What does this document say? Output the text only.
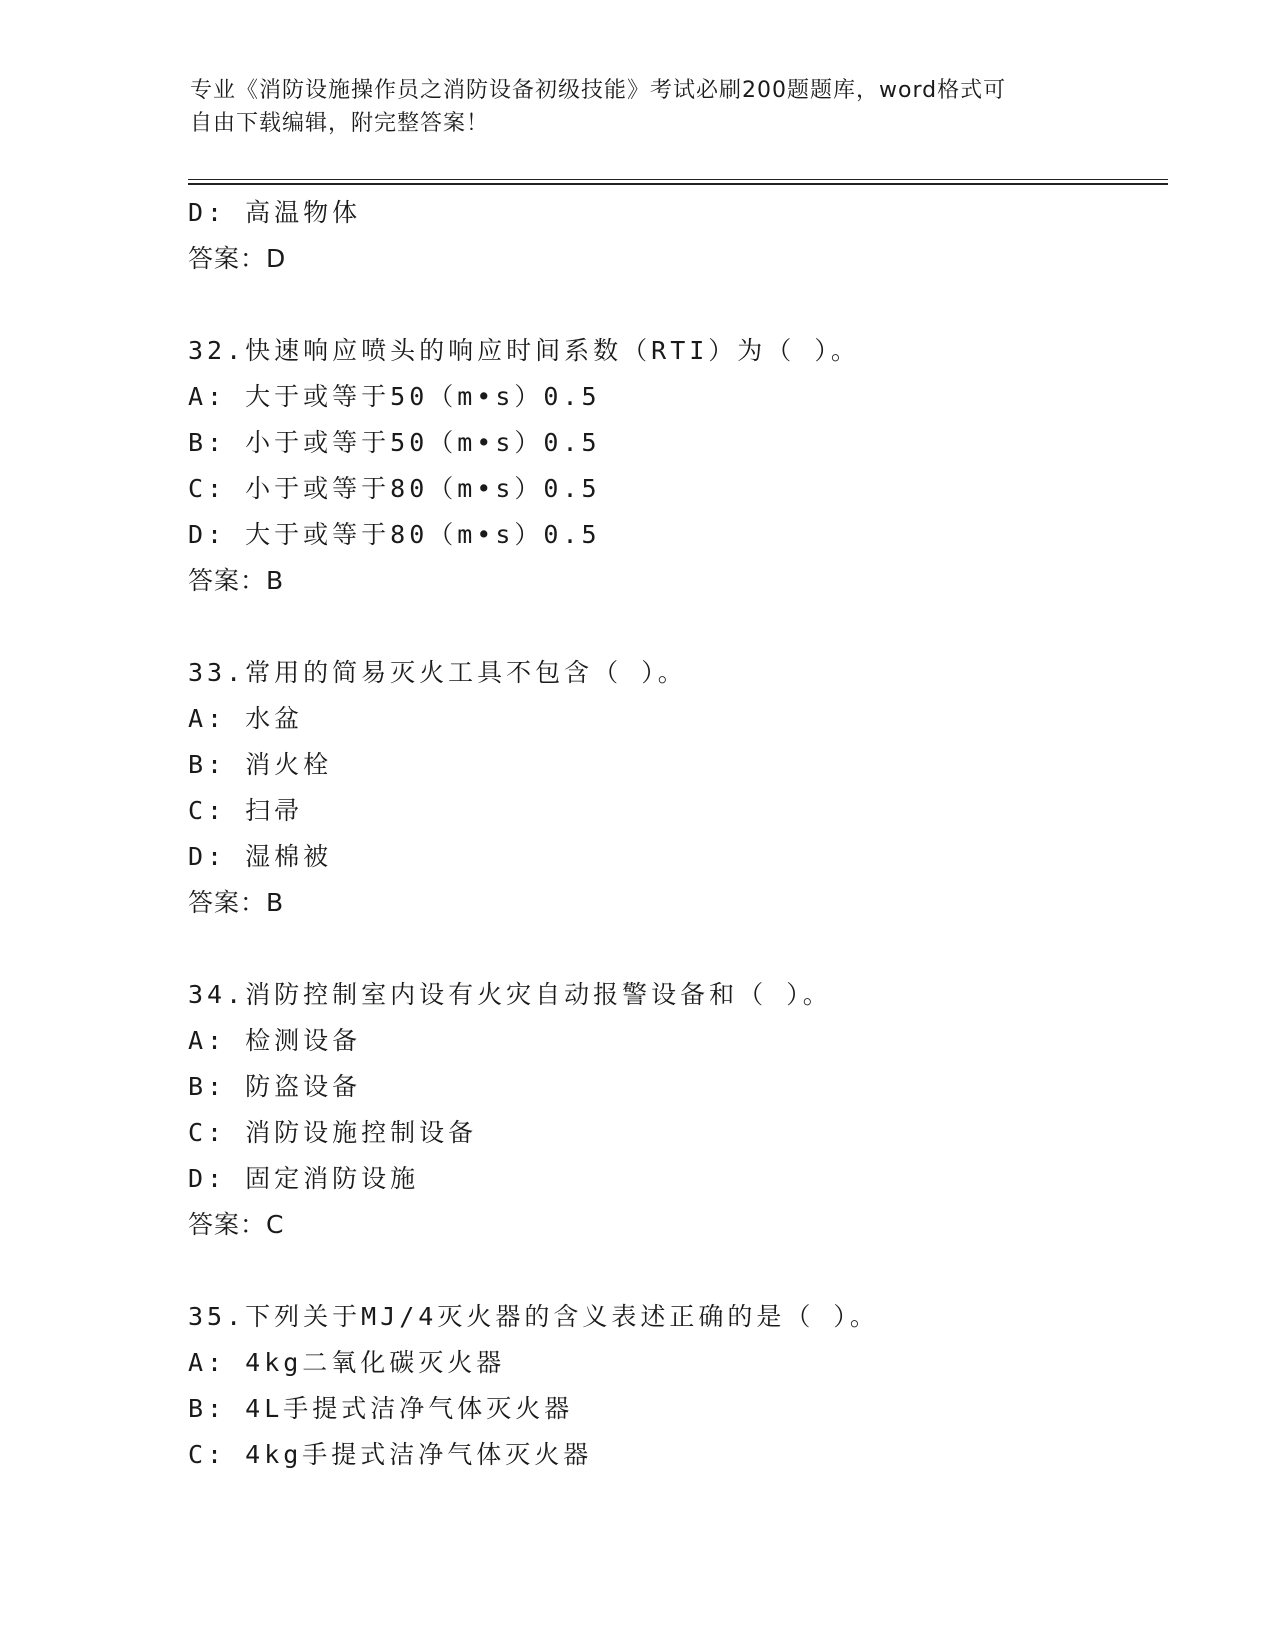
专业《消防设施操作员之消防设备初级技能》考试必刷200题题库，word格式可
自由下载编辑，附完整答案！
D: 高温物体
答案：D
32.快速响应喷头的响应时间系数（RTI）为（ ）。
A: 大于或等于50（m•s）0.5
B: 小于或等于50（m•s）0.5
C: 小于或等于80（m•s）0.5
D: 大于或等于80（m•s）0.5
答案：B
33.常用的简易灭火工具不包含（ ）。
A: 水盆
B: 消火栓
C: 扫帚
D: 湿棉被
答案：B
34.消防控制室内设有火灾自动报警设备和（ ）。
A: 检测设备
B: 防盗设备
C: 消防设施控制设备
D: 固定消防设施
答案：C
35.下列关于MJ/4灭火器的含义表述正确的是（ ）。
A: 4kg二氧化碳灭火器
B: 4L手提式洁净气体灭火器
C: 4kg手提式洁净气体灭火器
